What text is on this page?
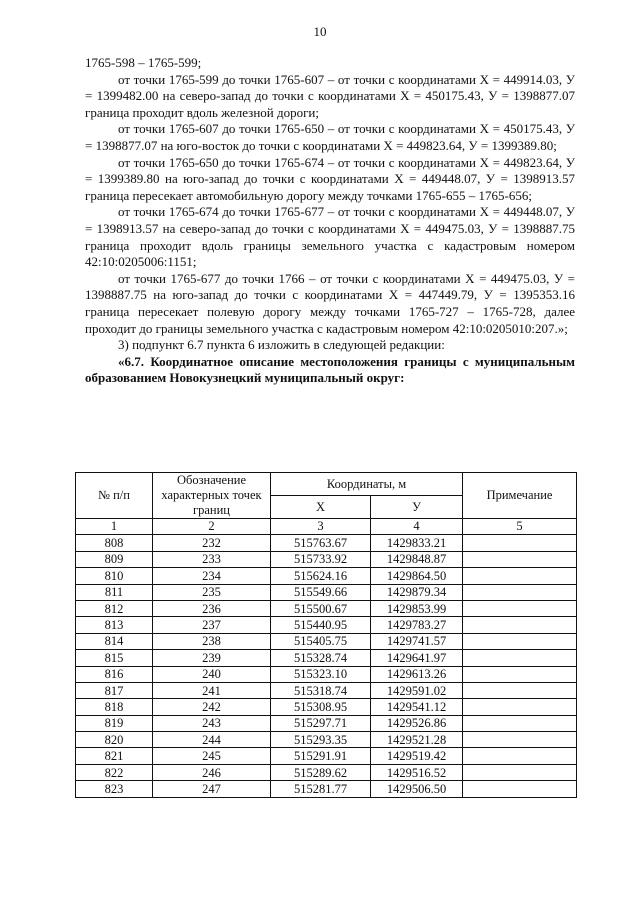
10

1765-598 – 1765-599;

от точки 1765-599 до точки 1765-607 – от точки с координатами Х = 449914.03, У = 1399482.00 на северо-запад до точки с координатами Х = 450175.43, У = 1398877.07 граница проходит вдоль железной дороги;

от точки 1765-607 до точки 1765-650 – от точки с координатами Х = 450175.43, У = 1398877.07 на юго-восток до точки с координатами Х = 449823.64, У = 1399389.80;

от точки 1765-650 до точки 1765-674 – от точки с координатами Х = 449823.64, У = 1399389.80 на юго-запад до точки с координатами Х = 449448.07, У = 1398913.57 граница пересекает автомобильную дорогу между точками 1765-655 – 1765-656;

от точки 1765-674 до точки 1765-677 – от точки с координатами Х = 449448.07, У = 1398913.57 на северо-запад до точки с координатами Х = 449475.03, У = 1398887.75 граница проходит вдоль границы земельного участка с кадастровым номером 42:10:0205006:1151;

от точки 1765-677 до точки 1766 – от точки с координатами Х = 449475.03, У = 1398887.75 на юго-запад до точки с координатами Х = 447449.79, У = 1395353.16 граница пересекает полевую дорогу между точками 1765-727 – 1765-728, далее проходит до границы земельного участка с кадастровым номером 42:10:0205010:207.»;

3) подпункт 6.7 пункта 6 изложить в следующей редакции:

«6.7. Координатное описание местоположения границы с муниципальным образованием Новокузнецкий муниципальный округ:

№ п/п	Обозначение характерных точек границ	Координаты, м		Примечание
		Х	У	
1	2	3	4	5
808	232	515763.67	1429833.21	
809	233	515733.92	1429848.87	
810	234	515624.16	1429864.50	
811	235	515549.66	1429879.34	
812	236	515500.67	1429853.99	
813	237	515440.95	1429783.27	
814	238	515405.75	1429741.57	
815	239	515328.74	1429641.97	
816	240	515323.10	1429613.26	
817	241	515318.74	1429591.02	
818	242	515308.95	1429541.12	
819	243	515297.71	1429526.86	
820	244	515293.35	1429521.28	
821	245	515291.91	1429519.42	
822	246	515289.62	1429516.52	
823	247	515281.77	1429506.50	
